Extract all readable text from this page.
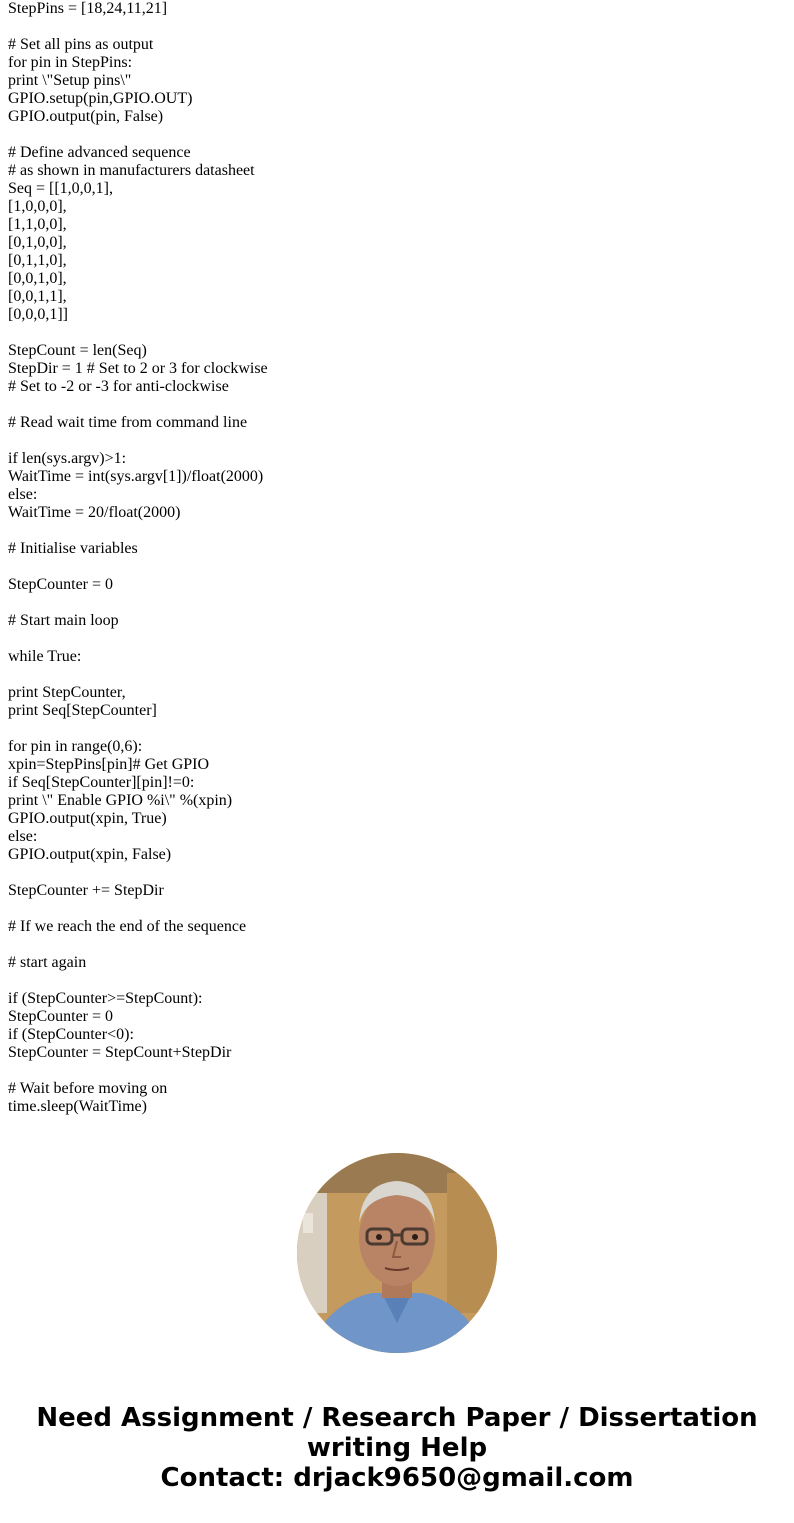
StepPins = [18,24,11,21]
# Set all pins as output
for pin in StepPins:
print \"Setup pins\"
GPIO.setup(pin,GPIO.OUT)
GPIO.output(pin, False)
# Define advanced sequence
# as shown in manufacturers datasheet
Seq = [[1,0,0,1],
[1,0,0,0],
[1,1,0,0],
[0,1,0,0],
[0,1,1,0],
[0,0,1,0],
[0,0,1,1],
[0,0,0,1]]
StepCount = len(Seq)
StepDir = 1 # Set to 2 or 3 for clockwise
# Set to -2 or -3 for anti-clockwise
# Read wait time from command line
if len(sys.argv)>1:
WaitTime = int(sys.argv[1])/float(2000)
else:
WaitTime = 20/float(2000)
# Initialise variables
StepCounter = 0
# Start main loop
while True:
print StepCounter,
print Seq[StepCounter]
for pin in range(0,6):
xpin=StepPins[pin]# Get GPIO
if Seq[StepCounter][pin]!=0:
print \" Enable GPIO %i\" %(xpin)
GPIO.output(xpin, True)
else:
GPIO.output(xpin, False)
StepCounter += StepDir
# If we reach the end of the sequence
# start again
if (StepCounter>=StepCount):
StepCounter = 0
if (StepCounter<0):
StepCounter = StepCount+StepDir
# Wait before moving on
time.sleep(WaitTime)
Need Assignment / Research Paper / Dissertation
writing Help
Contact: drjack9650@gmail.com
